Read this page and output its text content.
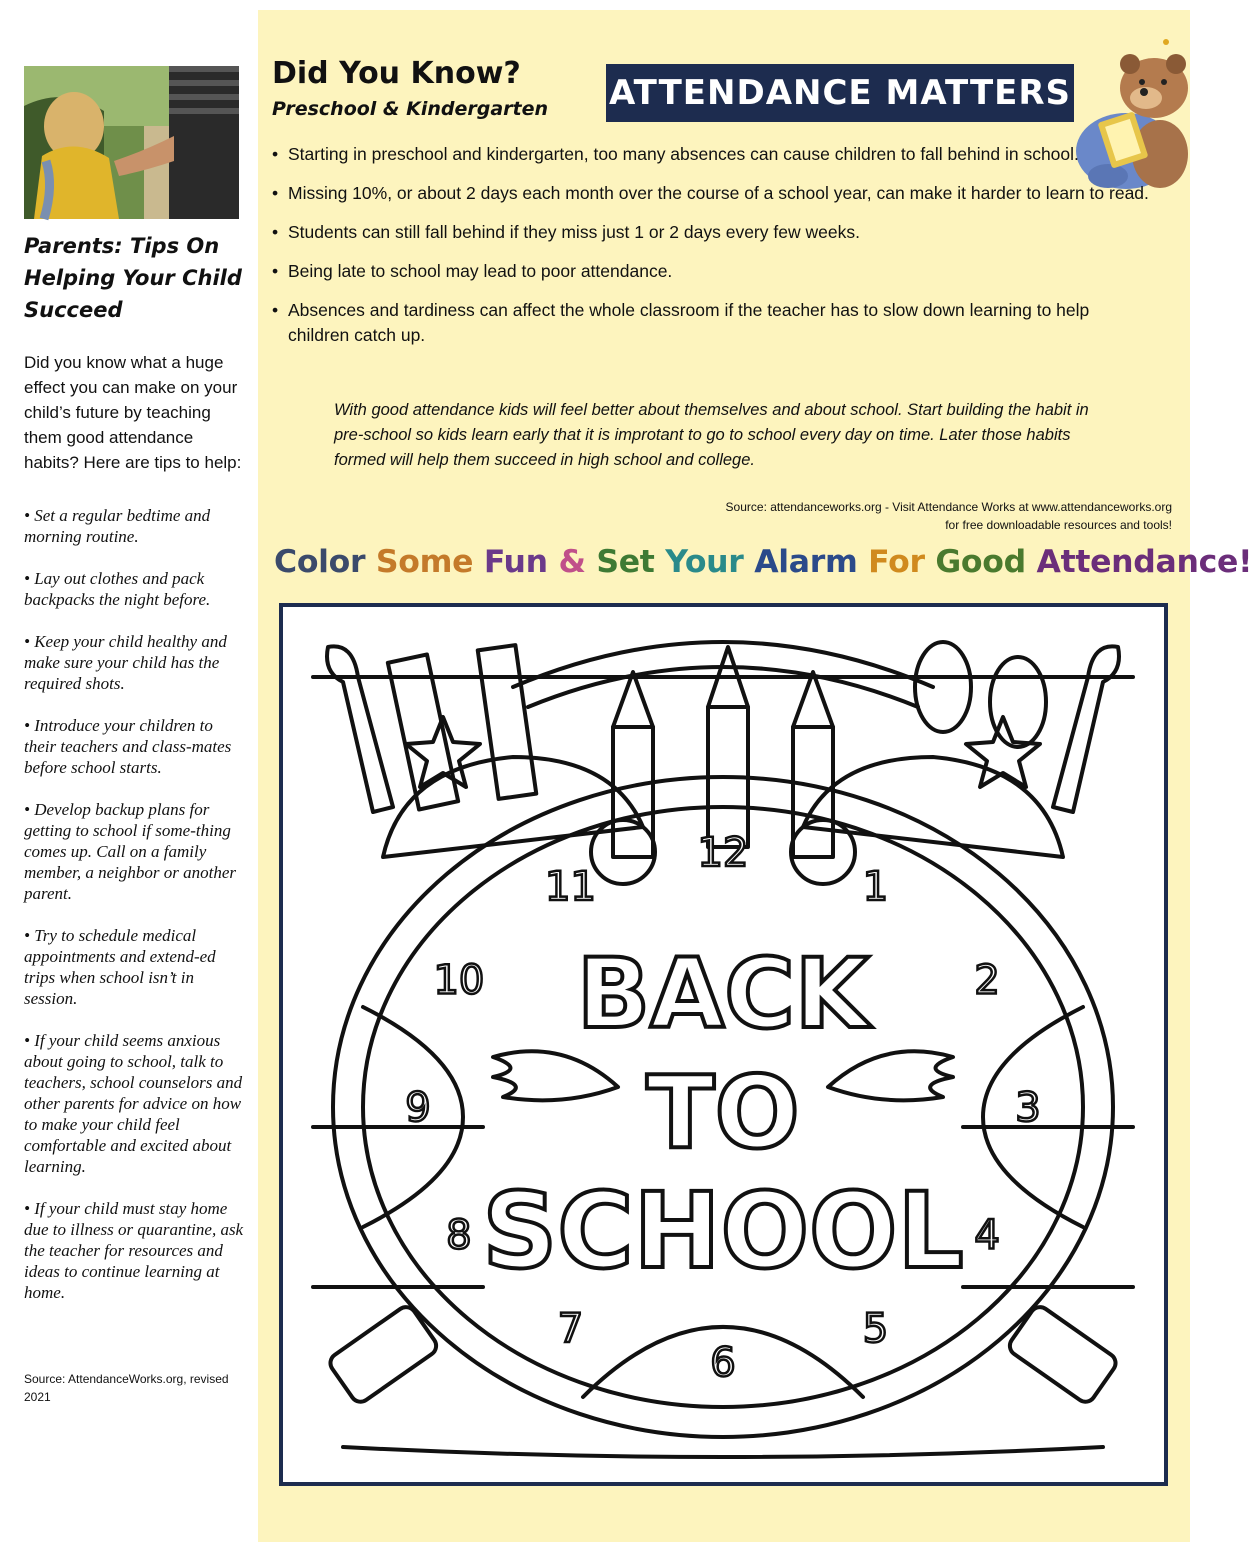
Parents: Tips On Helping Your Child Succeed
Did you know what a huge effect you can make on your child’s future by teaching them good attendance habits? Here are tips to help:
• Set a regular bedtime and morning routine.
• Lay out clothes and pack backpacks the night before.
• Keep your child healthy and make sure your child has the required shots.
• Introduce your children to their teachers and class-mates before school starts.
• Develop backup plans for getting to school if some-thing comes up. Call on a family member, a neighbor or another parent.
• Try to schedule medical appointments and extend-ed trips when school isn’t in session.
• If your child seems anxious about going to school, talk to teachers, school counselors and other parents for advice on how to make your child feel comfortable and excited about learning.
• If your child must stay home due to illness or quarantine, ask the teacher for resources and ideas to continue learning at home.
Source: AttendanceWorks.org, revised 2021
Did You Know?
Preschool & Kindergarten ATTENDANCE MATTERS
• Starting in preschool and kindergarten, too many absences can cause children to fall behind in school.
• Missing 10%, or about 2 days each month over the course of a school year, can make it harder to learn to read.
• Students can still fall behind if they miss just 1 or 2 days every few weeks.
• Being late to school may lead to poor attendance.
• Absences and tardiness can affect the whole classroom if the teacher has to slow down learning to help children catch up.
With good attendance kids will feel better about themselves and about school. Start building the habit in pre-school so kids learn early that it is improtant to go to school every day on time. Later those habits formed will help them succeed in high school and college.
Source: attendanceworks.org - Visit Attendance Works at www.attendanceworks.org
for free downloadable resources and tools!
Color Some Fun & Set Your Alarm For Good Attendance!
12
1
2
3
4
5
6
7
8
9
10
11
BACK
TO
SCHOOL
